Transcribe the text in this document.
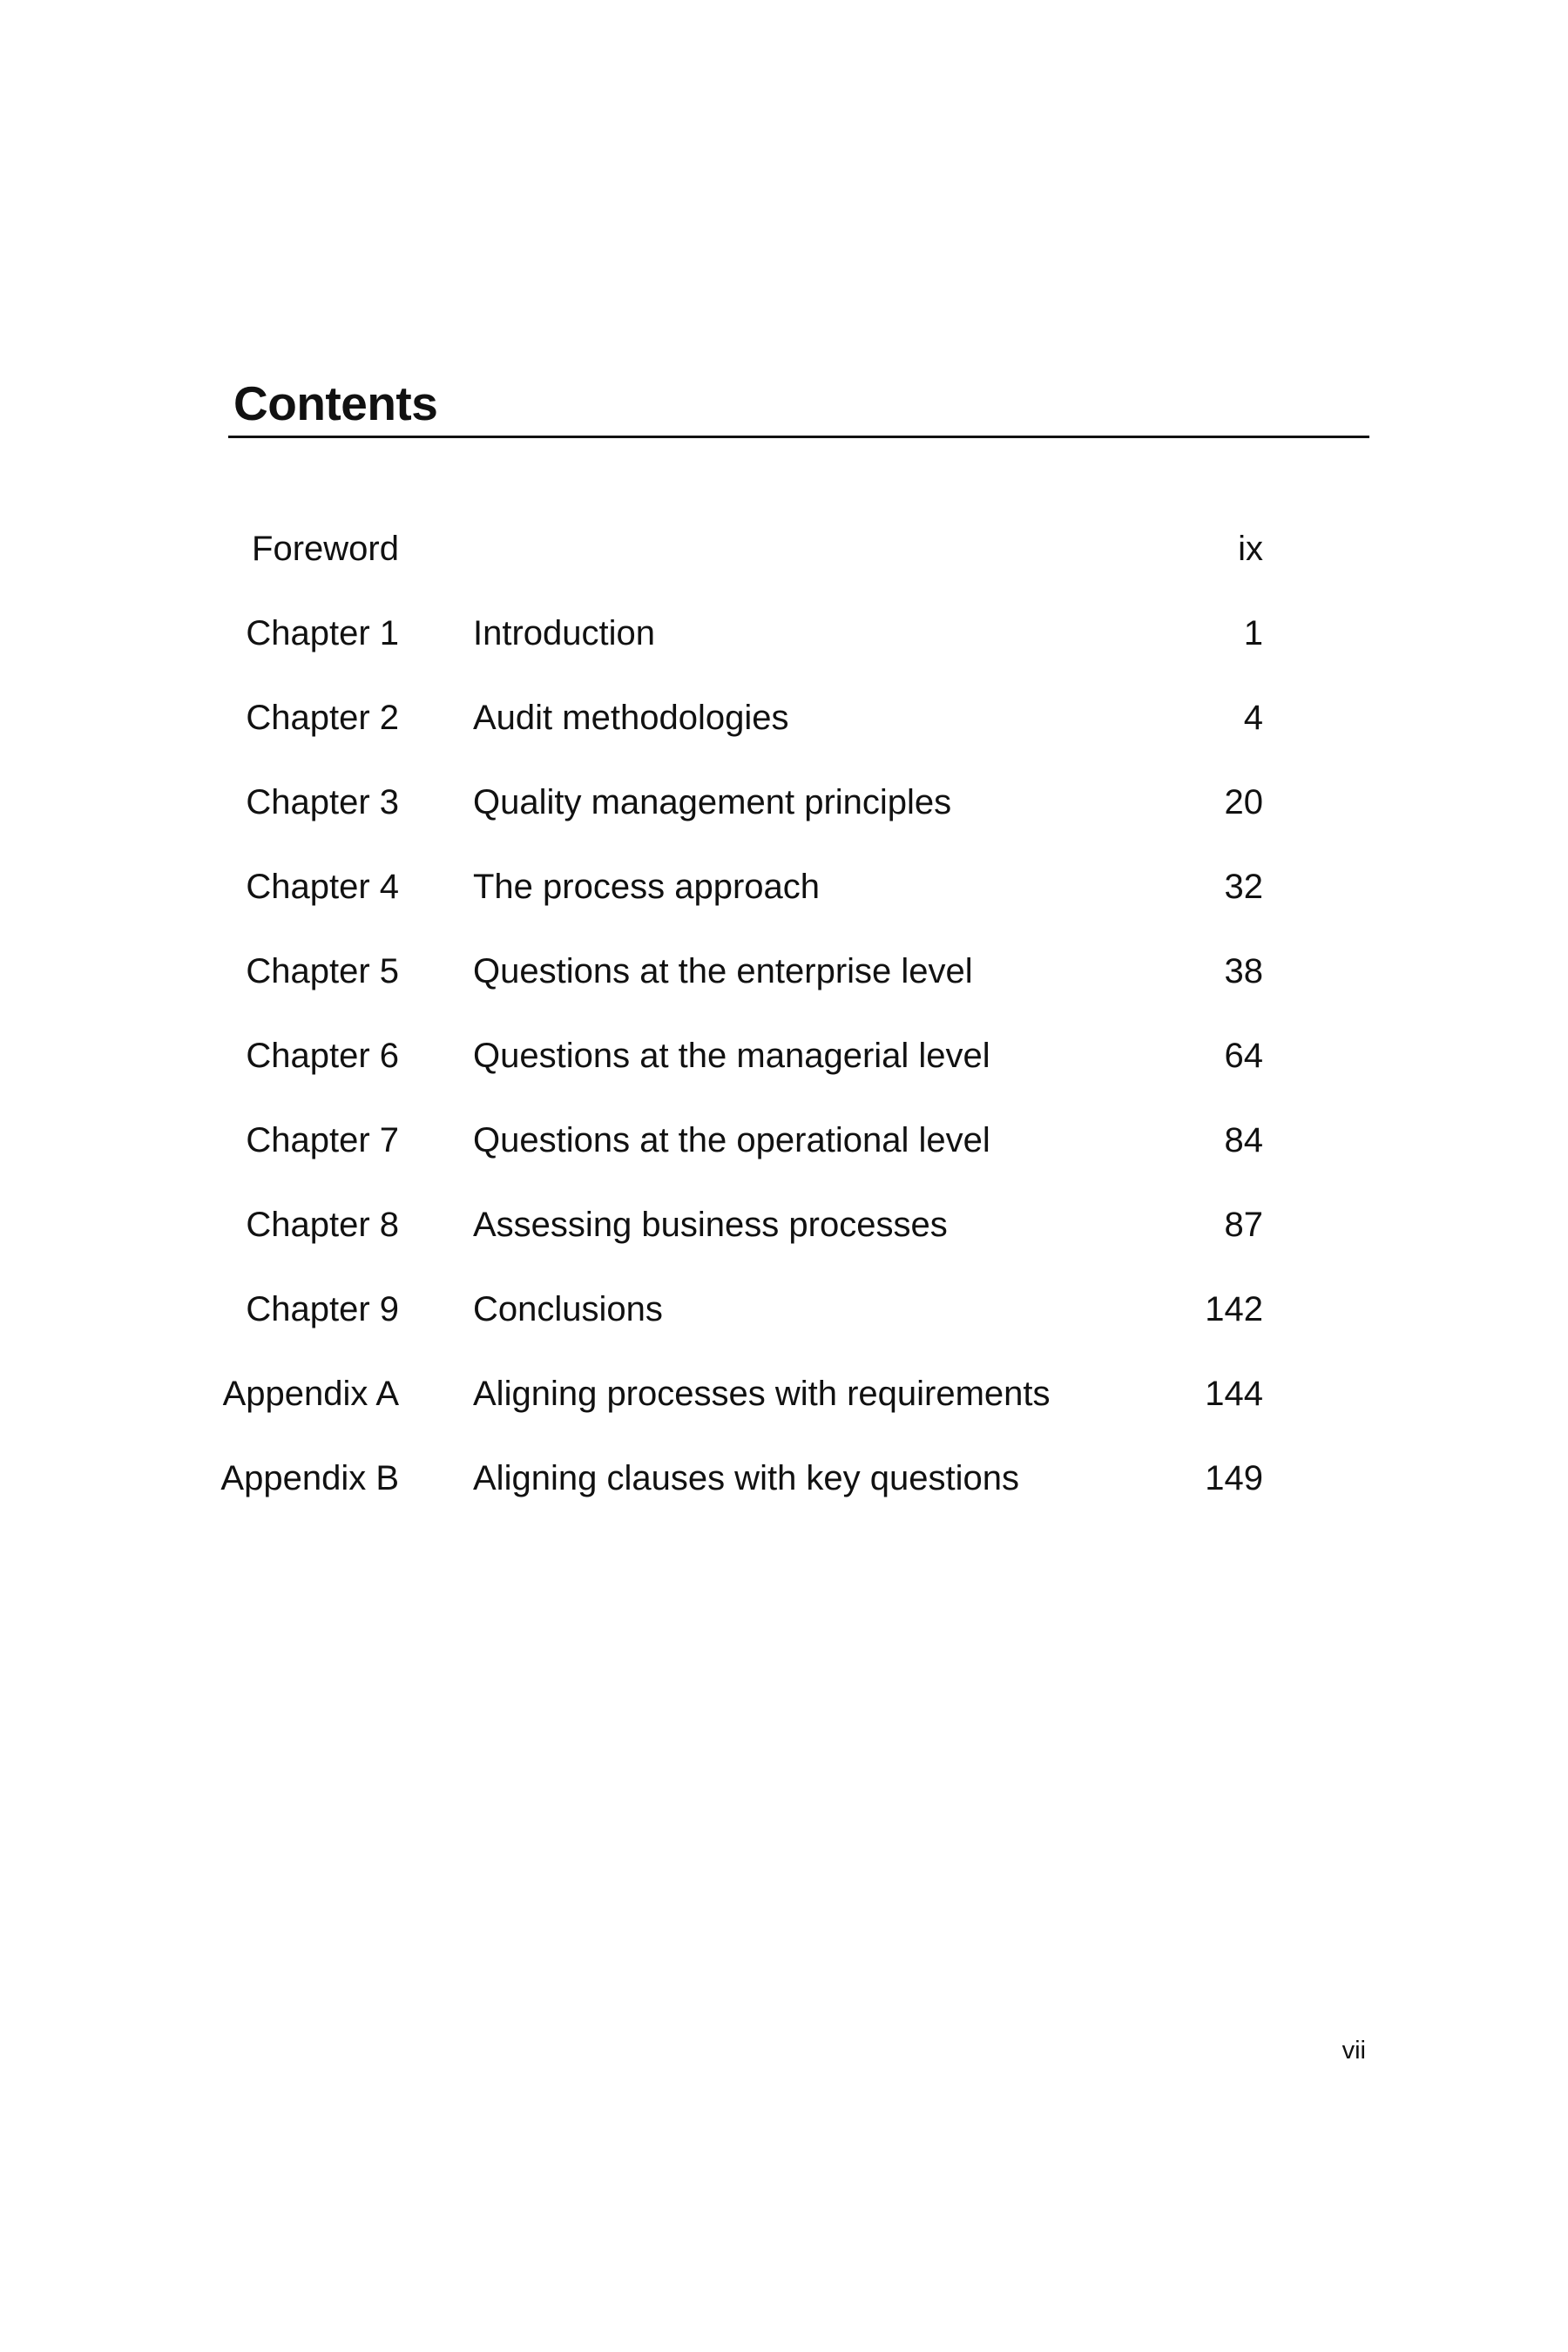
Contents
Foreword	ix
Chapter 1 Introduction	1
Chapter 2 Audit methodologies	4
Chapter 3 Quality management principles	20
Chapter 4 The process approach	32
Chapter 5 Questions at the enterprise level	38
Chapter 6 Questions at the managerial level	64
Chapter 7 Questions at the operational level	84
Chapter 8 Assessing business processes	87
Chapter 9 Conclusions	142
Appendix A Aligning processes with requirements	144
Appendix B Aligning clauses with key questions	149
vii
